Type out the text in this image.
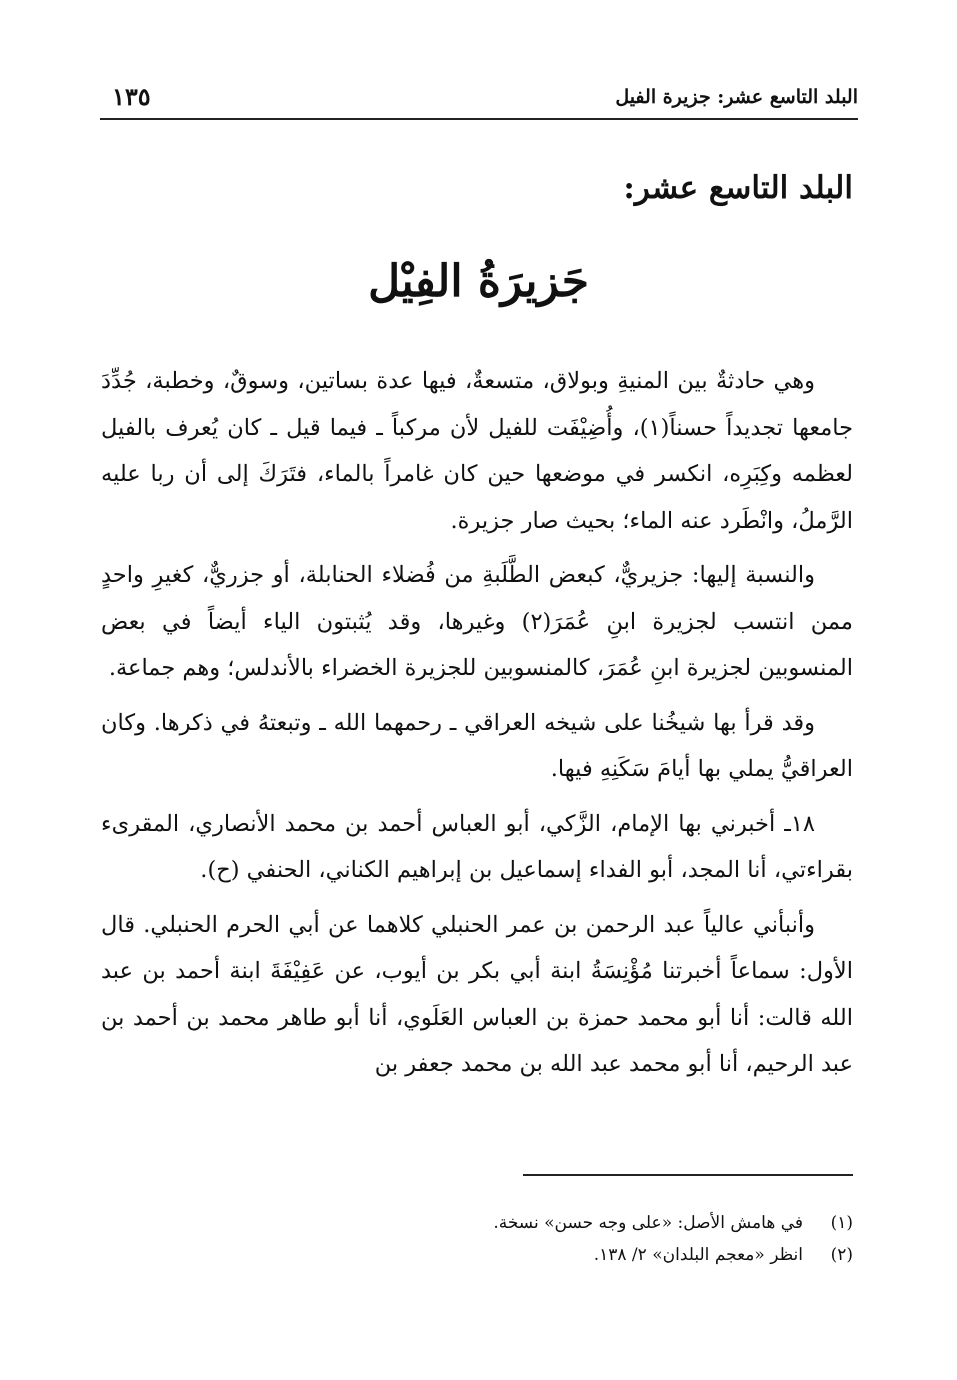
البلد التاسع عشر: جزيرة الفيل
١٣٥
البلد التاسع عشر:
جَزيرَةُ الفِيْل

وهي حادثةٌ بين المنيةِ وبولاق، متسعةٌ، فيها عدة بساتين، وسوقٌ، وخطبة، جُدِّدَ جامعها تجديداً حسناً(١)، وأُضِيْفَت للفيل لأن مركباً ـ فيما قيل ـ كان يُعرف بالفيل لعظمه وكِبَرِه، انكسر في موضعها حين كان غامراً بالماء، فتَرَكَ إلى أن ربا عليه الرَّملُ، وانْطَرد عنه الماء؛ بحيث صار جزيرة.

والنسبة إليها: جزيريٌّ، كبعض الطَّلَبةِ من فُضلاء الحنابلة، أو جزريٌّ، كغيرِ واحدٍ ممن انتسب لجزيرة ابنِ عُمَرَ(٢) وغيرها، وقد يُثبتون الياء أيضاً في بعض المنسوبين لجزيرة ابنِ عُمَرَ، كالمنسوبين للجزيرة الخضراء بالأندلس؛ وهم جماعة.

وقد قرأ بها شيخُنا على شيخه العراقي ـ رحمهما الله ـ وتبعتهُ في ذكرها. وكان العراقيُّ يملي بها أيامَ سَكَنِهِ فيها.

١٨ـ أخبرني بها الإمام، الزَّكي، أبو العباس أحمد بن محمد الأنصاري، المقرىء بقراءتي، أنا المجد، أبو الفداء إسماعيل بن إبراهيم الكناني، الحنفي (ح).

وأنبأني عالياً عبد الرحمن بن عمر الحنبلي كلاهما عن أبي الحرم الحنبلي. قال الأول: سماعاً أخبرتنا مُؤْنِسَةُ ابنة أبي بكر بن أيوب، عن عَفِيْفَةَ ابنة أحمد بن عبد الله قالت: أنا أبو محمد حمزة بن العباس العَلَوي، أنا أبو طاهر محمد بن أحمد بن عبد الرحيم، أنا أبو محمد عبد الله بن محمد جعفر بن

(١)في هامش الأصل: «على وجه حسن» نسخة.
(٢)انظر «معجم البلدان» ٢/ ١٣٨.
